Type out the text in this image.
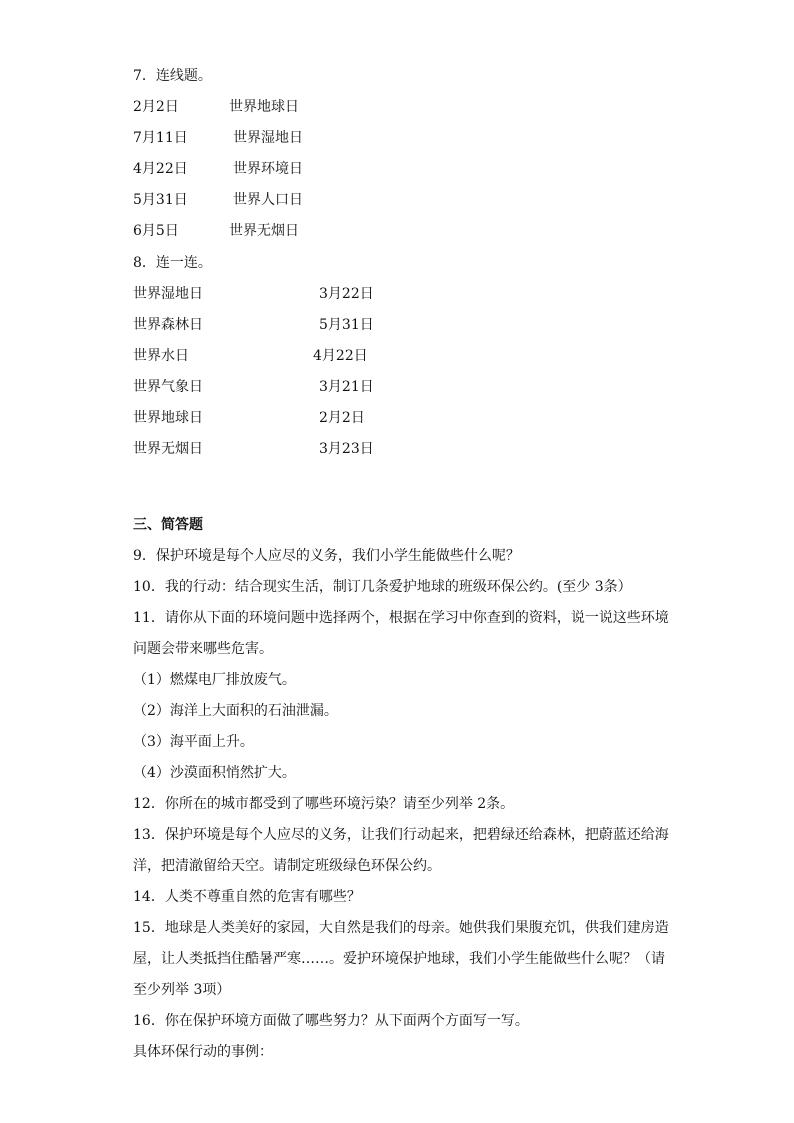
7．连线题。
2月2日	世界地球日
7月11日	世界湿地日
4月22日	世界环境日
5月31日	世界人口日
6月5日	世界无烟日
8．连一连。
世界湿地日	3月22日
世界森林日	5月31日
世界水日	4月22日
世界气象日	3月21日
世界地球日	2月2日
世界无烟日	3月23日
三、简答题
9．保护环境是每个人应尽的义务，我们小学生能做些什么呢？
10．我的行动：结合现实生活，制订几条爱护地球的班级环保公约。(至少 3条）
11．请你从下面的环境问题中选择两个，根据在学习中你查到的资料，说一说这些环境
问题会带来哪些危害。
（1）燃煤电厂排放废气。
（2）海洋上大面积的石油泄漏。
（3）海平面上升。
（4）沙漠面积悄然扩大。
12．你所在的城市都受到了哪些环境污染？请至少列举 2条。
13．保护环境是每个人应尽的义务，让我们行动起来，把碧绿还给森林，把蔚蓝还给海
洋，把清澈留给天空。请制定班级绿色环保公约。
14．人类不尊重自然的危害有哪些？
15．地球是人类美好的家园，大自然是我们的母亲。她供我们果腹充饥，供我们建房造
屋，让人类抵挡住酷暑严寒……。爱护环境保护地球，我们小学生能做些什么呢？（请
至少列举 3项）
16．你在保护环境方面做了哪些努力？从下面两个方面写一写。
具体环保行动的事例：
